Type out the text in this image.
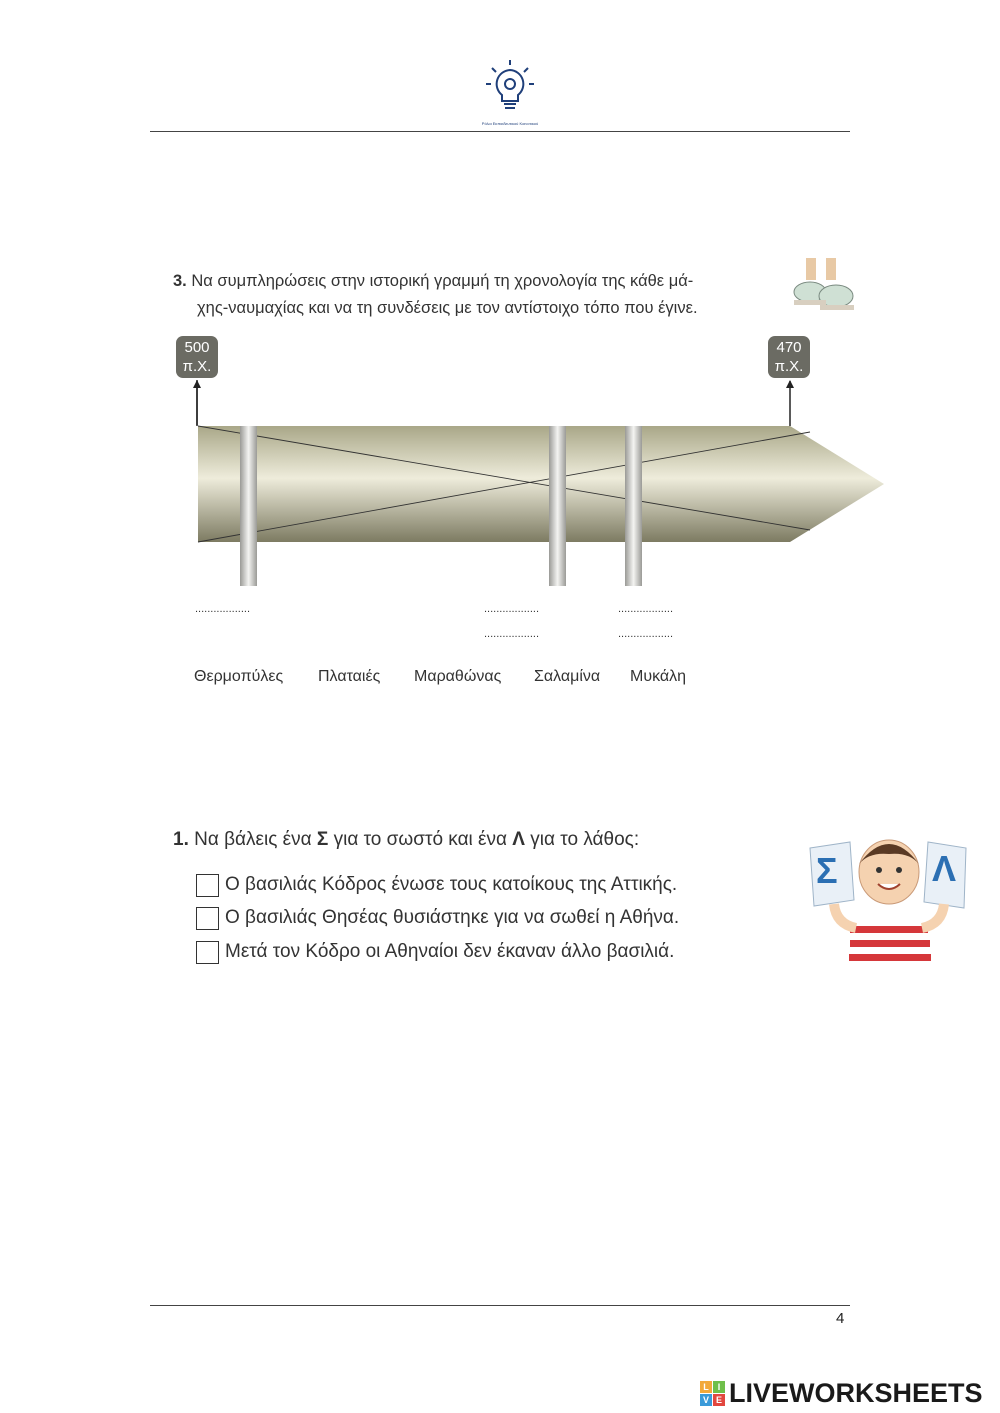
Ρόλοι Εκπαιδευτικού Κοινοτικού
3. Να συμπληρώσεις στην ιστορική γραμμή τη χρονολογία της κάθε μά-
χης-ναυμαχίας και να τη συνδέσεις με τον αντίστοιχο τόπο που έγινε.
500
π.Χ.
470
π.Χ.
..................	..................
..................
..................
..................
Θερμοπύλες Πλαταιές Μαραθώνας Σαλαμίνα Μυκάλη
1. Να βάλεις ένα Σ για το σωστό και ένα Λ για το λάθος:
Ο βασιλιάς Κόδρος ένωσε τους κατοίκους της Αττικής.
Ο βασιλιάς Θησέας θυσιάστηκε για να σωθεί η Αθήνα.
Μετά τον Κόδρο οι Αθηναίοι δεν έκαναν άλλο βασιλιά.
Σ	Λ
4
L I
V E LIVEWORKSHEETS
